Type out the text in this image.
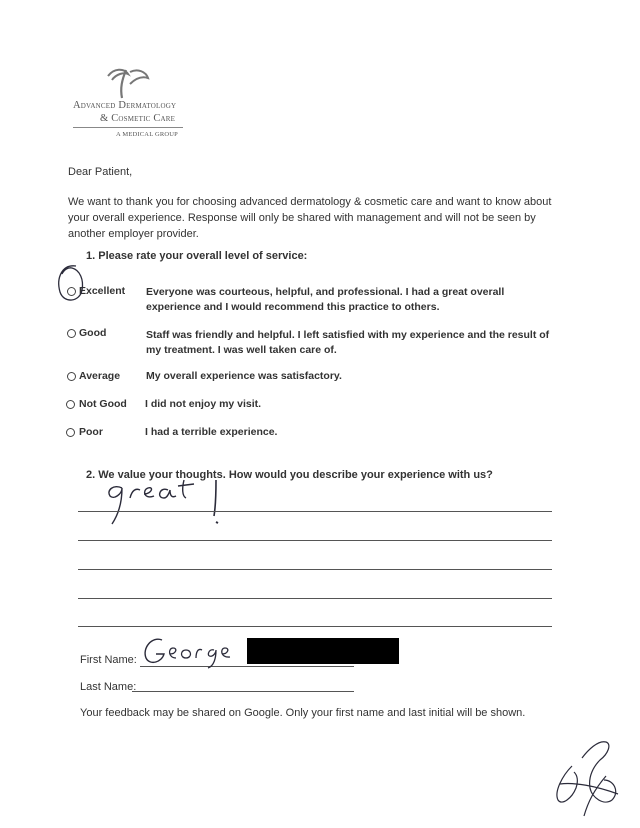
Advanced Dermatology
& Cosmetic Care
A MEDICAL GROUP
Dear Patient,
We want to thank you for choosing advanced dermatology & cosmetic care and want to know about your overall experience. Response will only be shared with management and will not be seen by another employer provider.
1. Please rate your overall level of service:
Excellent Everyone was courteous, helpful, and professional. I had a great overall experience and I would recommend this practice to others.
Good	Staff was friendly and helpful. I left satisfied with my experience and the result of my treatment. I was well taken care of.
Average My overall experience was satisfactory.
Not Good I did not enjoy my visit.
Poor	I had a terrible experience.
2. We value your thoughts. How would you describe your experience with us?
First Name:
Last Name:
Your feedback may be shared on Google. Only your first name and last initial will be shown.
